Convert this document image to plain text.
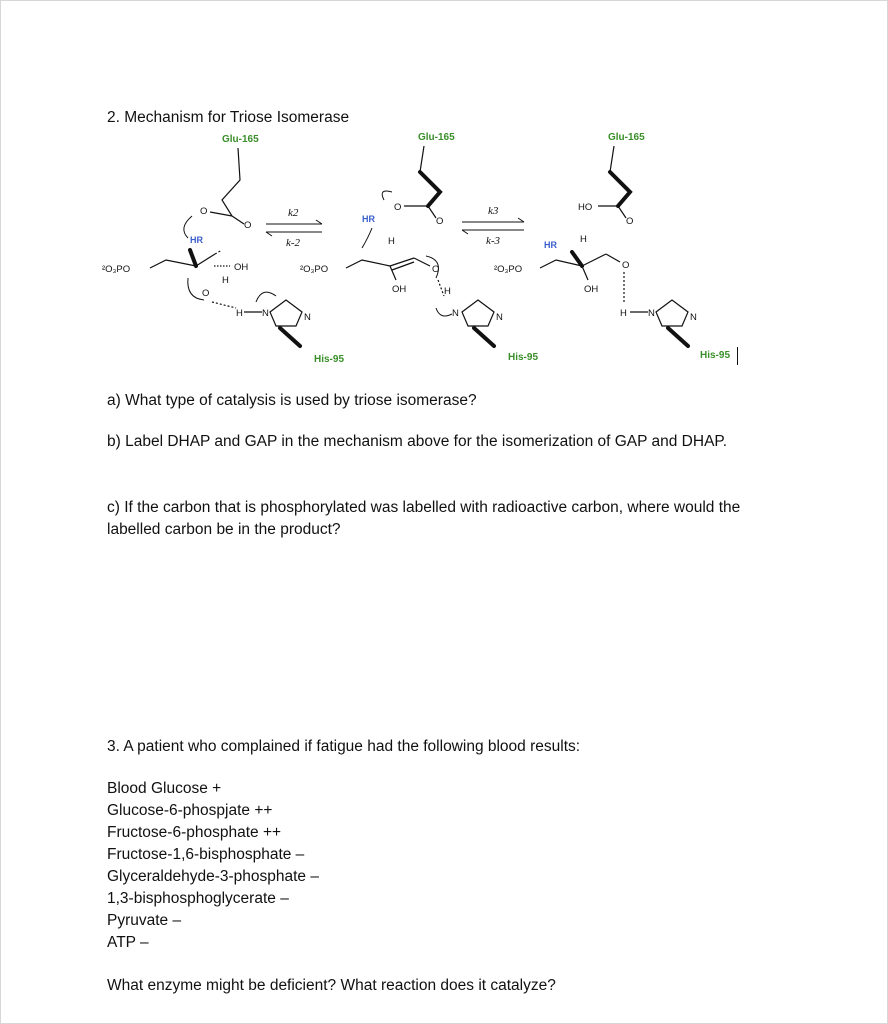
2. Mechanism for Triose Isomerase
Glu-165
O
O
HR
²O₃PO	OH
H
O
H N	N
His-95
k2
k-2
Glu-165
O
O
HR
H
²O₃PO
OH
O
H
N	N
His-95
k3
k-3
Glu-165
O
HO
HR H
²O₃PO
OH
O
H N	N
His-95
a) What type of catalysis is used by triose isomerase?
b) Label DHAP and GAP in the mechanism above for the isomerization of GAP and DHAP.
c) If the carbon that is phosphorylated was labelled with radioactive carbon, where would the
labelled carbon be in the product?
3. A patient who complained if fatigue had the following blood results:
Blood Glucose +
Glucose-6-phospjate ++
Fructose-6-phosphate ++
Fructose-1,6-bisphosphate –
Glyceraldehyde-3-phosphate –
1,3-bisphosphoglycerate –
Pyruvate –
ATP –
What enzyme might be deficient? What reaction does it catalyze?
